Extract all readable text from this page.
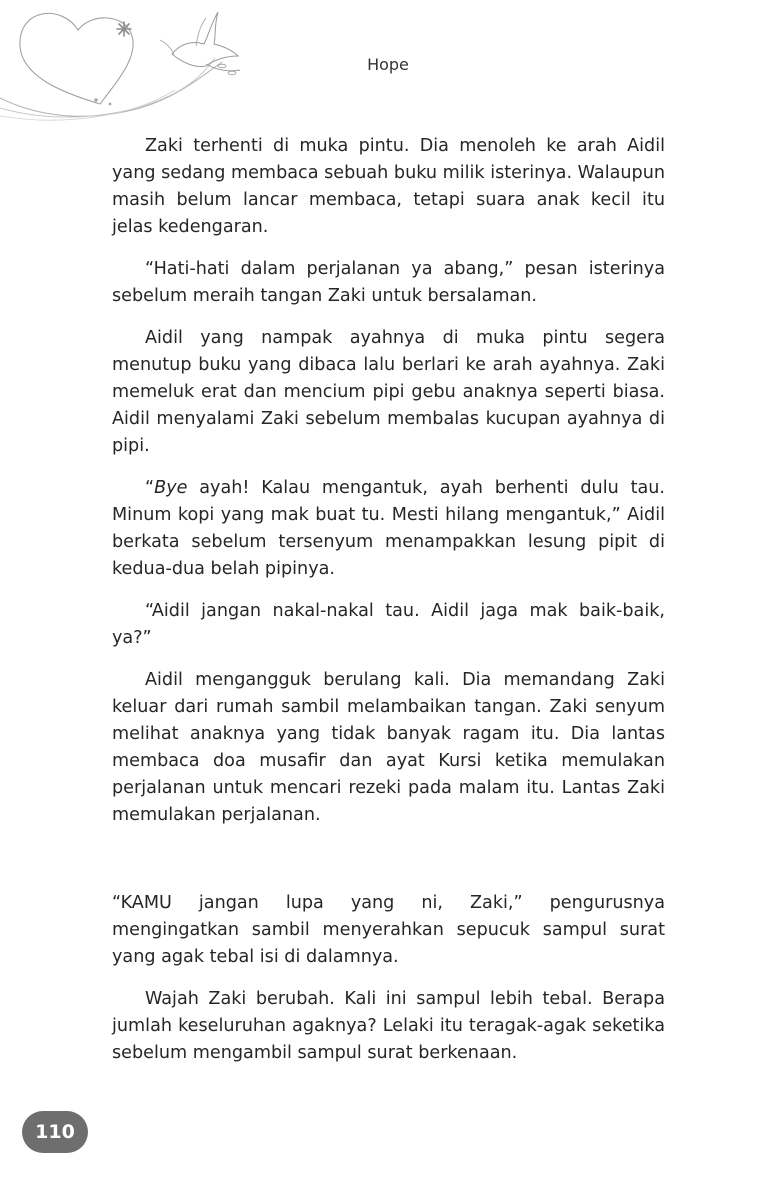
Hope

Zaki terhenti di muka pintu. Dia menoleh ke arah Aidil yang sedang membaca sebuah buku milik isterinya. Walaupun masih belum lancar membaca, tetapi suara anak kecil itu jelas kedengaran.

“Hati-hati dalam perjalanan ya abang,” pesan isterinya sebelum meraih tangan Zaki untuk bersalaman.

Aidil yang nampak ayahnya di muka pintu segera menutup buku yang dibaca lalu berlari ke arah ayahnya. Zaki memeluk erat dan mencium pipi gebu anaknya seperti biasa. Aidil menyalami Zaki sebelum membalas kucupan ayahnya di pipi.

“Bye ayah! Kalau mengantuk, ayah berhenti dulu tau. Minum kopi yang mak buat tu. Mesti hilang mengantuk,” Aidil berkata sebelum tersenyum menampakkan lesung pipit di kedua-dua belah pipinya.

“Aidil jangan nakal-nakal tau. Aidil jaga mak baik-baik, ya?”

Aidil mengangguk berulang kali. Dia memandang Zaki keluar dari rumah sambil melambaikan tangan. Zaki senyum melihat anaknya yang tidak banyak ragam itu. Dia lantas membaca doa musafir dan ayat Kursi ketika memulakan perjalanan untuk mencari rezeki pada malam itu. Lantas Zaki memulakan perjalanan.

“KAMU jangan lupa yang ni, Zaki,” pengurusnya mengingatkan sambil menyerahkan sepucuk sampul surat yang agak tebal isi di dalamnya.

Wajah Zaki berubah. Kali ini sampul lebih tebal. Berapa jumlah keseluruhan agaknya? Lelaki itu teragak-agak seketika sebelum mengambil sampul surat berkenaan.

110
